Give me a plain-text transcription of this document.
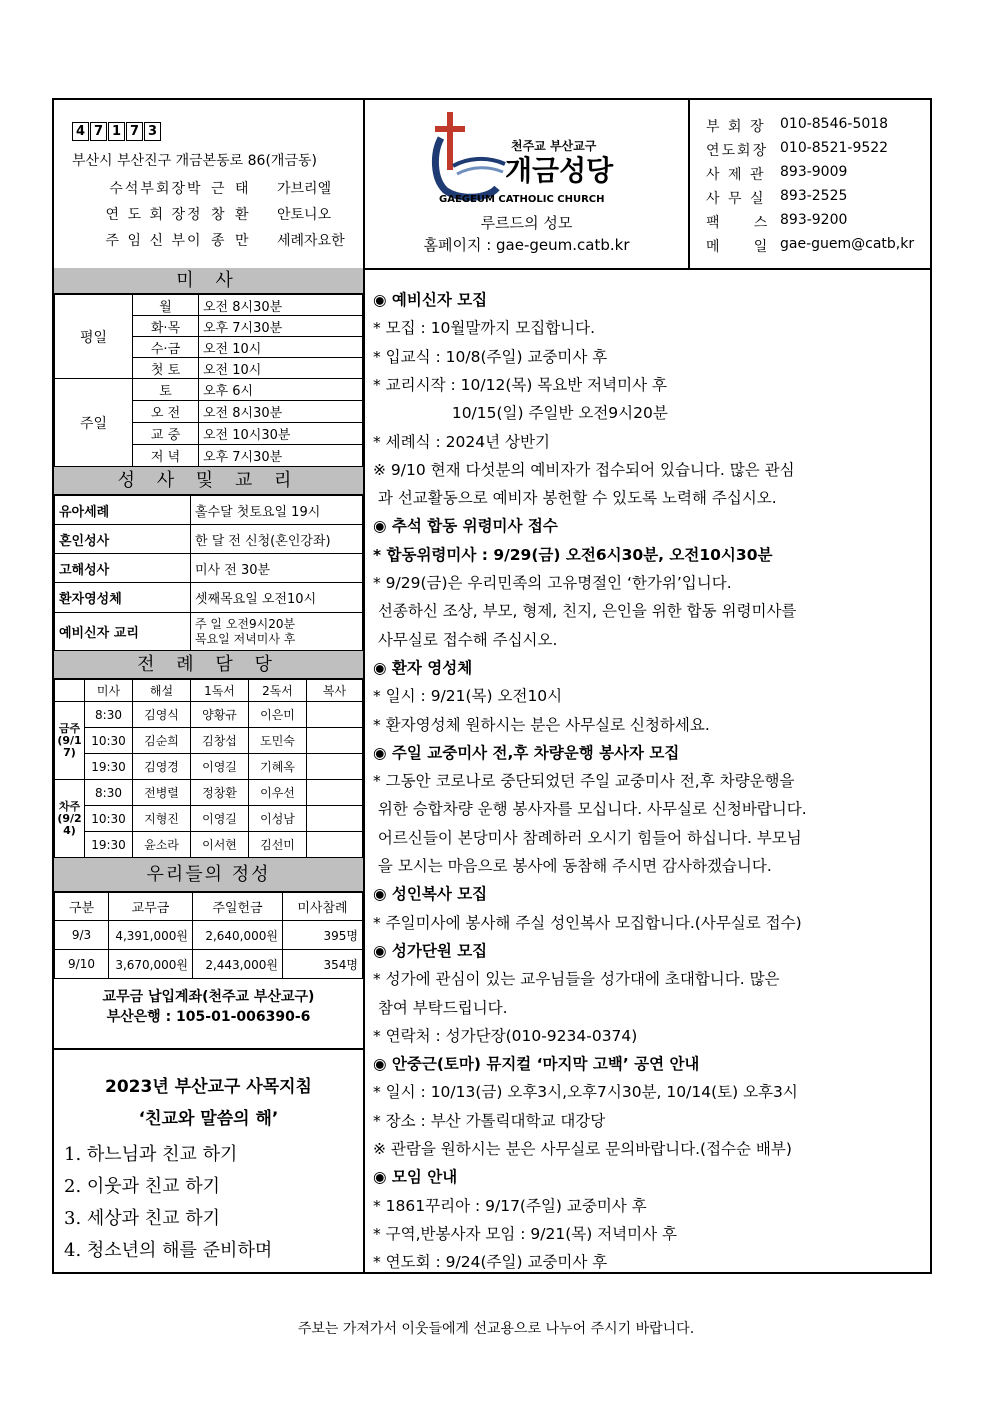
4 7 1 7 3
부산시 부산진구 개금본동로 86(개금동)
수석부회장 박 근 태	가브리엘
연 도 회 장 정 창 환	안토니오
주 임 신 부 이 종 만	세례자요한
천주교 부산교구
개금성당
GAEGEUM CATHOLIC CHURCH
루르드의 성모
홈페이지 : gae-geum.catb.kr
부 회 장	010-8546-5018
연도회장 010-8521-9522
사 제 관	893-9009
사 무 실	893-2525
팩     스 893-9200
메     일 gae-guem@catb,kr
미 사
평일	월	오전 8시30분
	화·목	오후 7시30분
	수·금	오전 10시
	첫 토	오전 10시
주일	토	오후 6시
	오 전	오전 8시30분
	교 중	오전 10시30분
	저 녁	오후 7시30분
성 사 및 교 리
유아세례	홀수달 첫토요일 19시
혼인성사	한 달 전 신청(혼인강좌)
고해성사	미사 전 30분
환자영성체	셋째목요일 오전10시
예비신자 교리	주 일 오전9시20분
목요일 저녁미사 후
전 례 담 당
	미사	해설	1독서	2독서	복사
금주(9/17)	8:30	김영식	양황규	이은미	
	10:30	김순희	김창섭	도민숙	
	19:30	김영경	이영길	기혜옥	
차주(9/24)	8:30	전병렬	정창환	이우선	
	10:30	지형진	이영길	이성남	
	19:30	윤소라	이서현	김선미	
우리들의 정성
구분	교무금	주일헌금	미사참례
9/3	4,391,000원	2,640,000원	395명
9/10	3,670,000원	2,443,000원	354명
교무금 납입계좌(천주교 부산교구)
부산은행 : 105-01-006390-6
2023년 부산교구 사목지침
‘친교와 말씀의 해’
1. 하느님과 친교 하기
2. 이웃과 친교 하기
3. 세상과 친교 하기
4. 청소년의 해를 준비하며
◉ 예비신자 모집
* 모집 : 10월말까지 모집합니다.
* 입교식 : 10/8(주일) 교중미사 후
* 교리시작 : 10/12(목) 목요반 저녁미사 후
10/15(일) 주일반 오전9시20분
* 세례식 : 2024년 상반기
※ 9/10 현재 다섯분의 예비자가 접수되어 있습니다. 많은 관심
과 선교활동으로 예비자 봉헌할 수 있도록 노력해 주십시오.
◉ 추석 합동 위령미사 접수
* 합동위령미사 : 9/29(금) 오전6시30분, 오전10시30분
* 9/29(금)은 우리민족의 고유명절인 ‘한가위’입니다.
선종하신 조상, 부모, 형제, 친지, 은인을 위한 합동 위령미사를
사무실로 접수해 주십시오.
◉ 환자 영성체
* 일시 : 9/21(목) 오전10시
* 환자영성체 원하시는 분은 사무실로 신청하세요.
◉ 주일 교중미사 전,후 차량운행 봉사자 모집
* 그동안 코로나로 중단되었던 주일 교중미사 전,후 차량운행을
위한 승합차량 운행 봉사자를 모십니다. 사무실로 신청바랍니다.
어르신들이 본당미사 참례하러 오시기 힘들어 하십니다. 부모님
을 모시는 마음으로 봉사에 동참해 주시면 감사하겠습니다.
◉ 성인복사 모집
* 주일미사에 봉사해 주실 성인복사 모집합니다.(사무실로 접수)
◉ 성가단원 모집
* 성가에 관심이 있는 교우님들을 성가대에 초대합니다. 많은
참여 부탁드립니다.
* 연락처 : 성가단장(010-9234-0374)
◉ 안중근(토마) 뮤지컬 ‘마지막 고백’ 공연 안내
* 일시 : 10/13(금) 오후3시,오후7시30분, 10/14(토) 오후3시
* 장소 : 부산 가톨릭대학교 대강당
※ 관람을 원하시는 분은 사무실로 문의바랍니다.(접수순 배부)
◉ 모임 안내
* 1861꾸리아 : 9/17(주일) 교중미사 후
* 구역,반봉사자 모임 : 9/21(목) 저녁미사 후
* 연도회 : 9/24(주일) 교중미사 후
주보는 가져가서 이웃들에게 선교용으로 나누어 주시기 바랍니다.
